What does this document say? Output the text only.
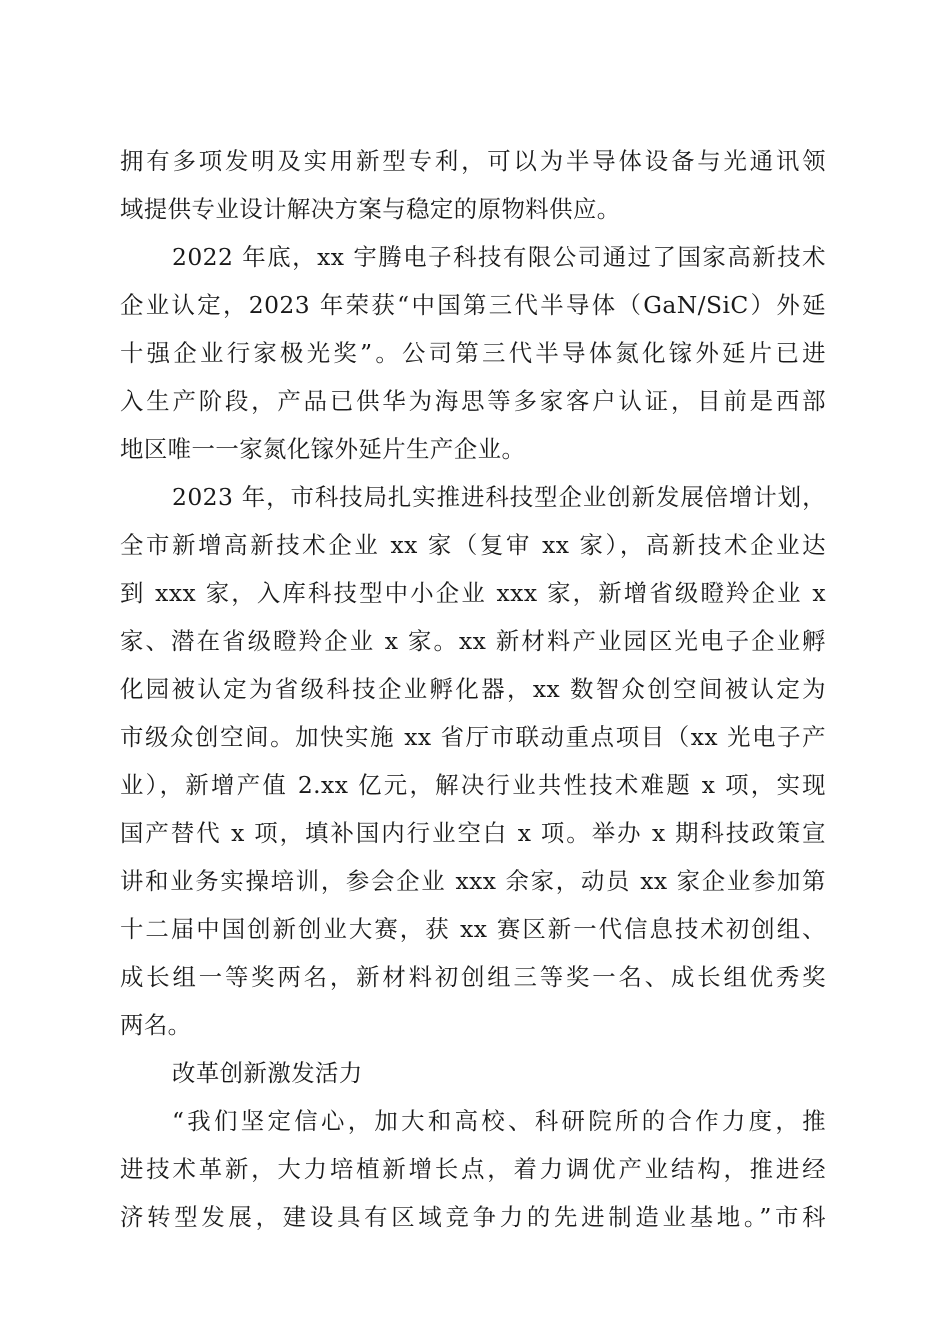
拥有多项发明及实用新型专利，可以为半导体设备与光通讯领
域提供专业设计解决方案与稳定的原物料供应。
2022 年底，xx 宇腾电子科技有限公司通过了国家高新技术
企业认定，2023 年荣获“中国第三代半导体（GaN/SiC）外延
十强企业行家极光奖”。公司第三代半导体氮化镓外延片已进
入生产阶段，产品已供华为海思等多家客户认证，目前是西部
地区唯一一家氮化镓外延片生产企业。
2023 年，市科技局扎实推进科技型企业创新发展倍增计划，
全市新增高新技术企业 xx 家（复审 xx 家），高新技术企业达
到 xxx 家，入库科技型中小企业 xxx 家，新增省级瞪羚企业 x
家、潜在省级瞪羚企业 x 家。xx 新材料产业园区光电子企业孵
化园被认定为省级科技企业孵化器，xx 数智众创空间被认定为
市级众创空间。加快实施 xx 省厅市联动重点项目（xx 光电子产
业），新增产值 2.xx 亿元，解决行业共性技术难题 x 项，实现
国产替代 x 项，填补国内行业空白 x 项。举办 x 期科技政策宣
讲和业务实操培训，参会企业 xxx 余家，动员 xx 家企业参加第
十二届中国创新创业大赛，获 xx 赛区新一代信息技术初创组、
成长组一等奖两名，新材料初创组三等奖一名、成长组优秀奖
两名。
改革创新激发活力
“我们坚定信心，加大和高校、科研院所的合作力度，推
进技术革新，大力培植新增长点，着力调优产业结构，推进经
济转型发展，建设具有区域竞争力的先进制造业基地。”市科
